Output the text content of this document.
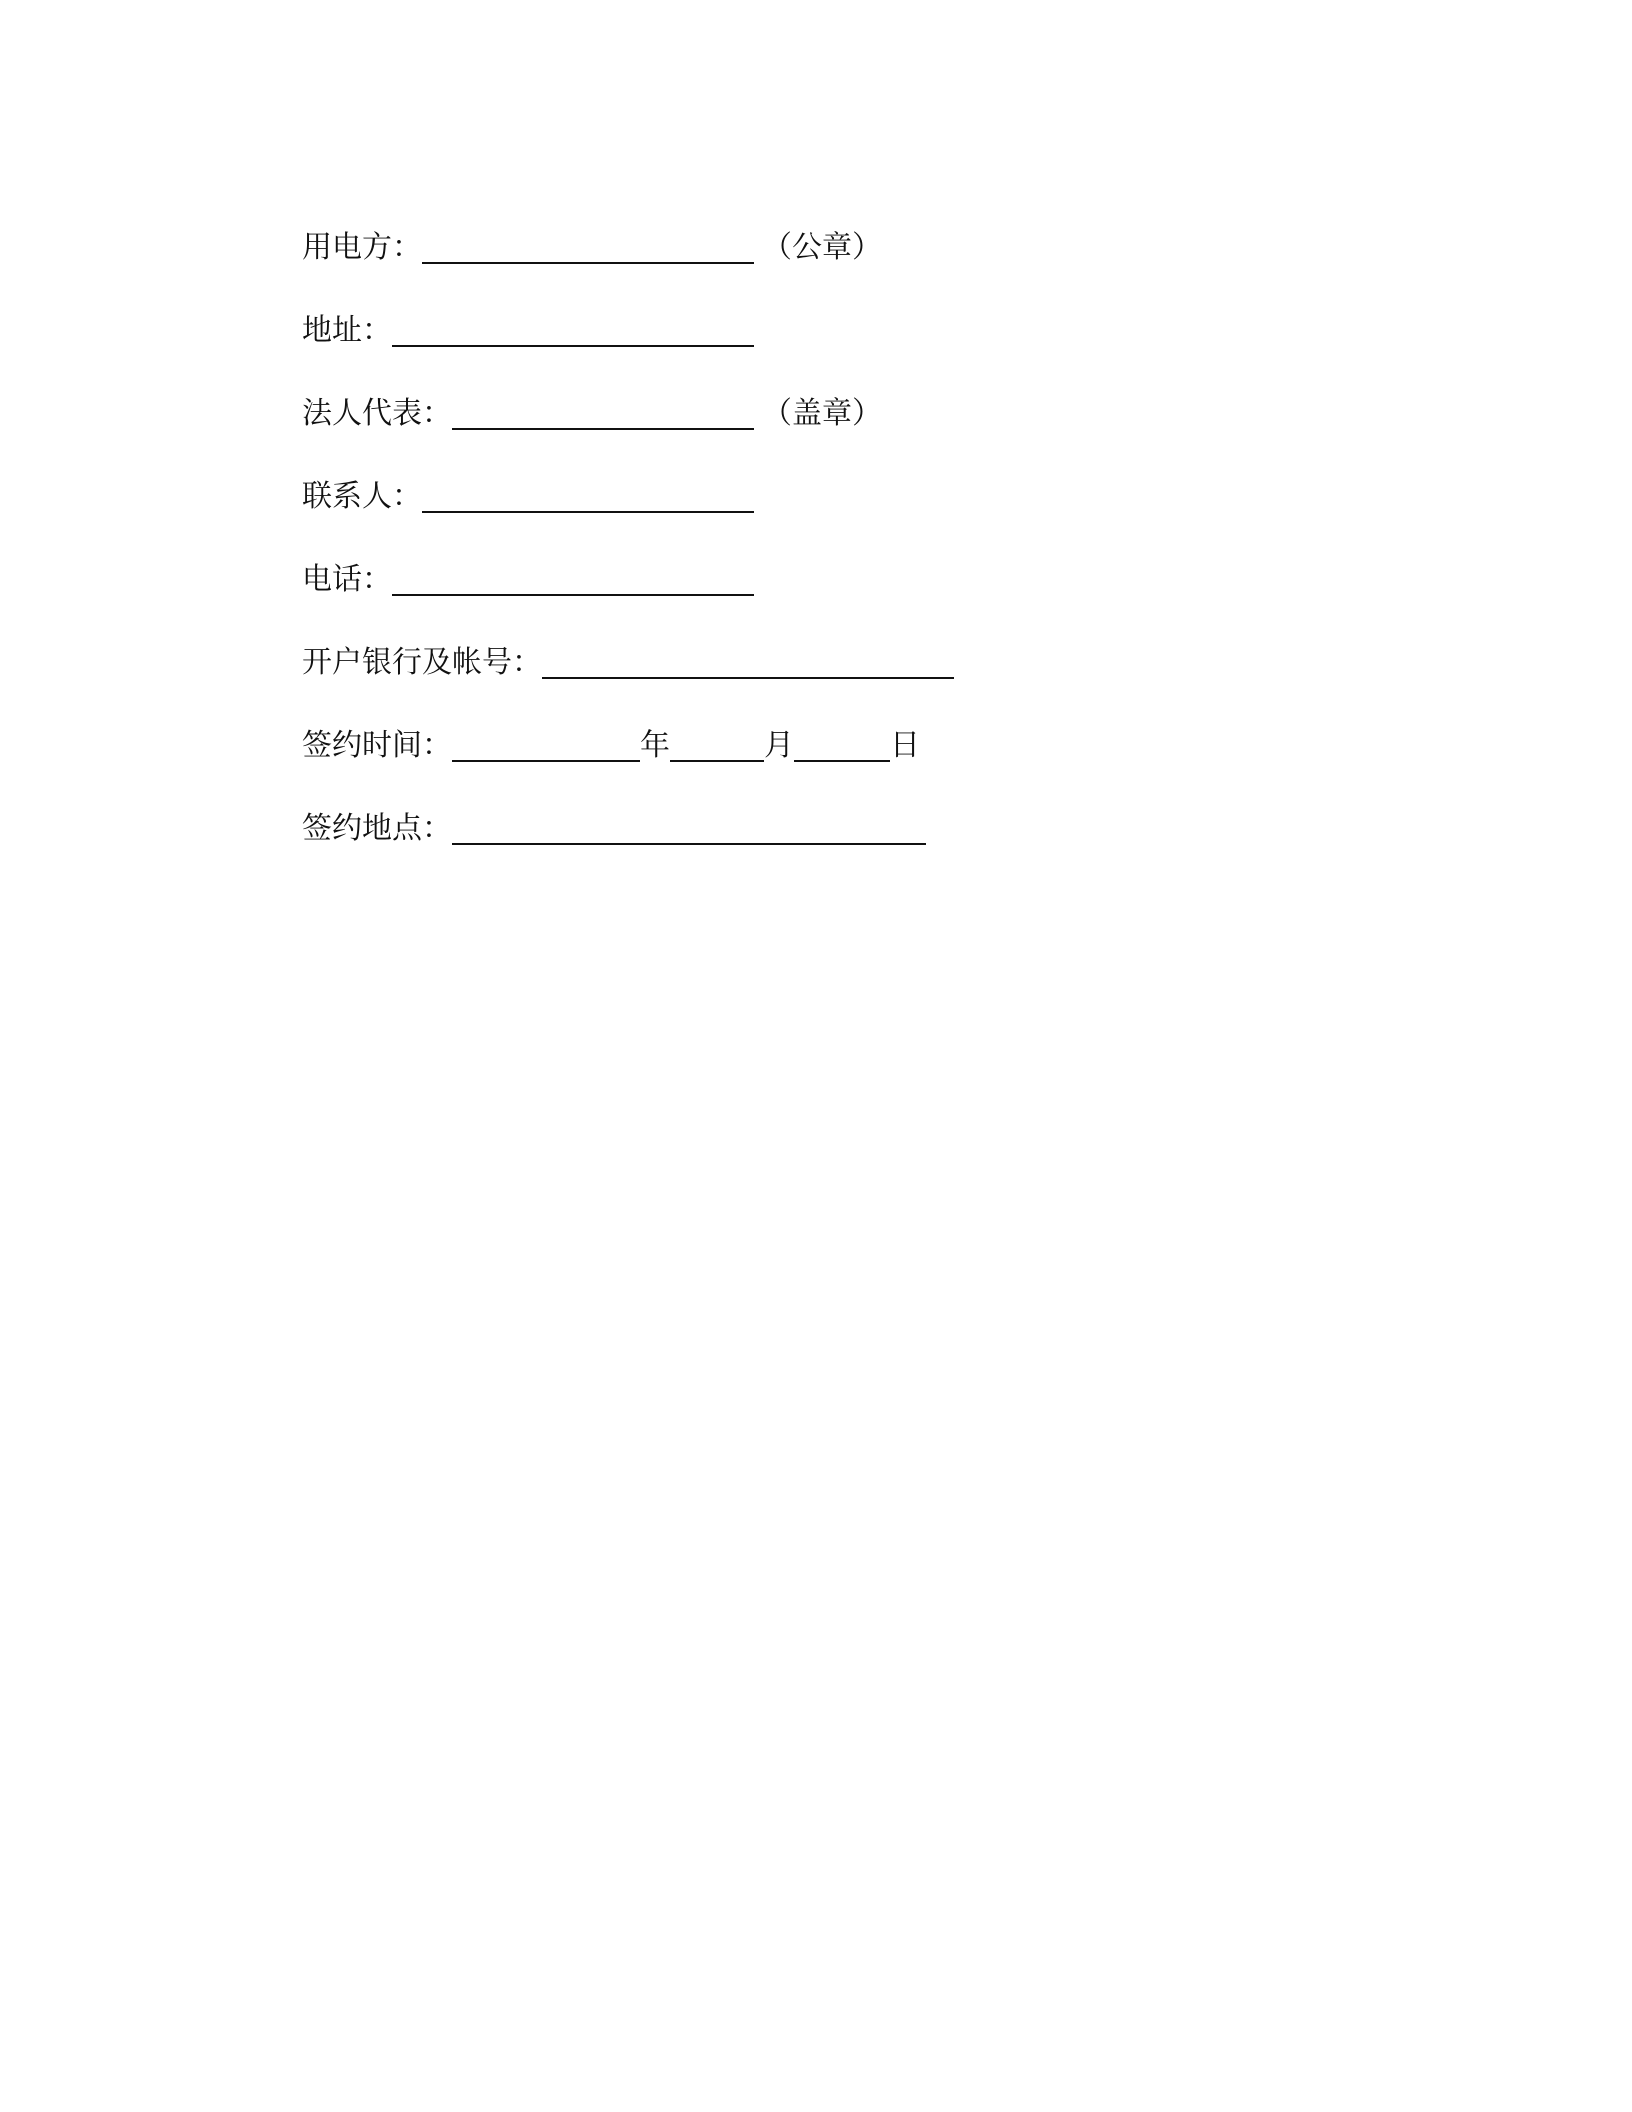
用电方：	（公章）
地址：
法人代表：	（盖章）
联系人：
电话：
开户银行及帐号：
签约时间：	年	月	日
签约地点：
